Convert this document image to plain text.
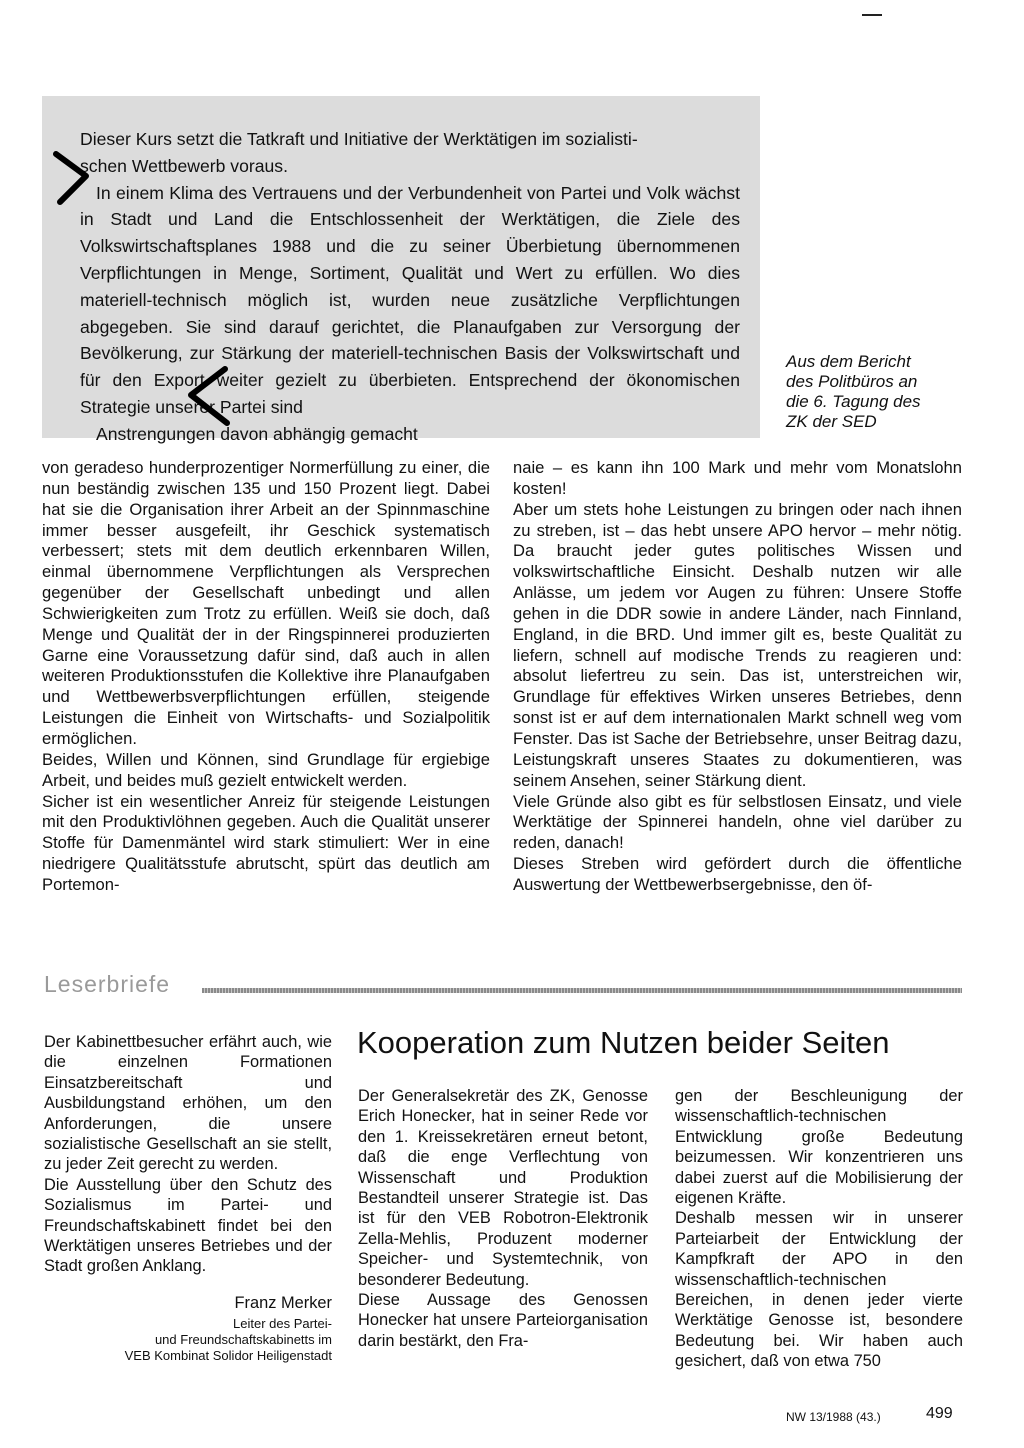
Dieser Kurs setzt die Tatkraft und Initiative der Werktätigen im sozialisti-

schen Wettbewerb voraus.

In einem Klima des Vertrauens und der Verbundenheit von Partei und Volk wächst in Stadt und Land die Entschlossenheit der Werktätigen, die Ziele des Volkswirtschaftsplanes 1988 und die zu seiner Überbietung übernommenen Verpflichtungen in Menge, Sortiment, Qualität und Wert zu erfüllen. Wo dies materiell-technisch möglich ist, wurden neue zusätzliche Verpflichtungen abgegeben. Sie sind darauf gerichtet, die Planaufgaben zur Versorgung der Bevölkerung, zur Stärkung der materiell-technischen Basis der Volkswirtschaft und für den Export weiter gezielt zu überbieten. Entsprechend der ökonomischen Strategie unserer Partei sind

Anstrengungen davon abhängig gemacht

Aus dem Bericht
des Politbüros an
die 6. Tagung des
ZK der SED

von geradeso hunderprozentiger Normerfüllung zu einer, die nun beständig zwischen 135 und 150 Prozent liegt. Dabei hat sie die Organisation ihrer Arbeit an der Spinnmaschine immer besser ausgefeilt, ihr Geschick systematisch verbessert; stets mit dem deutlich erkennbaren Willen, einmal übernommene Verpflichtungen als Versprechen gegenüber der Gesellschaft unbedingt und allen Schwierigkeiten zum Trotz zu erfüllen. Weiß sie doch, daß Menge und Qualität der in der Ringspinnerei produzierten Garne eine Voraussetzung dafür sind, daß auch in allen weiteren Produktionsstufen die Kollektive ihre Planaufgaben und Wettbewerbsverpflichtungen erfüllen, steigende Leistungen die Einheit von Wirtschafts- und Sozialpolitik ermöglichen.

Beides, Willen und Können, sind Grundlage für ergiebige Arbeit, und beides muß gezielt entwickelt werden.

Sicher ist ein wesentlicher Anreiz für steigende Leistungen mit den Produktivlöhnen gegeben. Auch die Qualität unserer Stoffe für Damenmäntel wird stark stimuliert: Wer in eine niedrigere Qualitätsstufe abrutscht, spürt das deutlich am Portemon-

naie – es kann ihn 100 Mark und mehr vom Monatslohn kosten!

Aber um stets hohe Leistungen zu bringen oder nach ihnen zu streben, ist – das hebt unsere APO hervor – mehr nötig. Da braucht jeder gutes politisches Wissen und volkswirtschaftliche Einsicht. Deshalb nutzen wir alle Anlässe, um jedem vor Augen zu führen: Unsere Stoffe gehen in die DDR sowie in andere Länder, nach Finnland, England, in die BRD. Und immer gilt es, beste Qualität zu liefern, schnell auf modische Trends zu reagieren und: absolut liefertreu zu sein. Das ist, unterstreichen wir, Grundlage für effektives Wirken unseres Betriebes, denn sonst ist er auf dem internationalen Markt schnell weg vom Fenster. Das ist Sache der Betriebsehre, unser Beitrag dazu, Leistungskraft unseres Staates zu dokumentieren, was seinem Ansehen, seiner Stärkung dient.

Viele Gründe also gibt es für selbstlosen Einsatz, und viele Werktätige der Spinnerei handeln, ohne viel darüber zu reden, danach!

Dieses Streben wird gefördert durch die öffentliche Auswertung der Wettbewerbsergebnisse, den öf-

Leserbriefe

Der Kabinettbesucher erfährt auch, wie die einzelnen Formationen Einsatzbereitschaft und Ausbildungstand erhöhen, um den Anforderungen, die unsere sozialistische Gesellschaft an sie stellt, zu jeder Zeit gerecht zu werden.

Die Ausstellung über den Schutz des Sozialismus im Partei- und Freundschaftskabinett findet bei den Werktätigen unseres Betriebes und der Stadt großen Anklang.

Franz Merker
Leiter des Partei-
und Freundschaftskabinetts im
VEB Kombinat Solidor Heiligenstadt
Kooperation zum Nutzen beider Seiten

Der Generalsekretär des ZK, Genosse Erich Honecker, hat in seiner Rede vor den 1. Kreissekretären erneut betont, daß die enge Verflechtung von Wissenschaft und Produktion Bestandteil unserer Strategie ist. Das ist für den VEB Robotron-Elektronik Zella-Mehlis, Produzent moderner Speicher- und Systemtechnik, von besonderer Bedeutung.

Diese Aussage des Genossen Honecker hat unsere Parteiorganisation darin bestärkt, den Fra-

gen der Beschleunigung der wissenschaftlich-technischen Entwicklung große Bedeutung beizumessen. Wir konzentrieren uns dabei zuerst auf die Mobilisierung der eigenen Kräfte.

Deshalb messen wir in unserer Parteiarbeit der Entwicklung der Kampfkraft der APO in den wissenschaftlich-technischen Bereichen, in denen jeder vierte Werktätige Genosse ist, besondere Bedeutung bei. Wir haben auch gesichert, daß von etwa 750

NW 13/1988 (43.)	499
